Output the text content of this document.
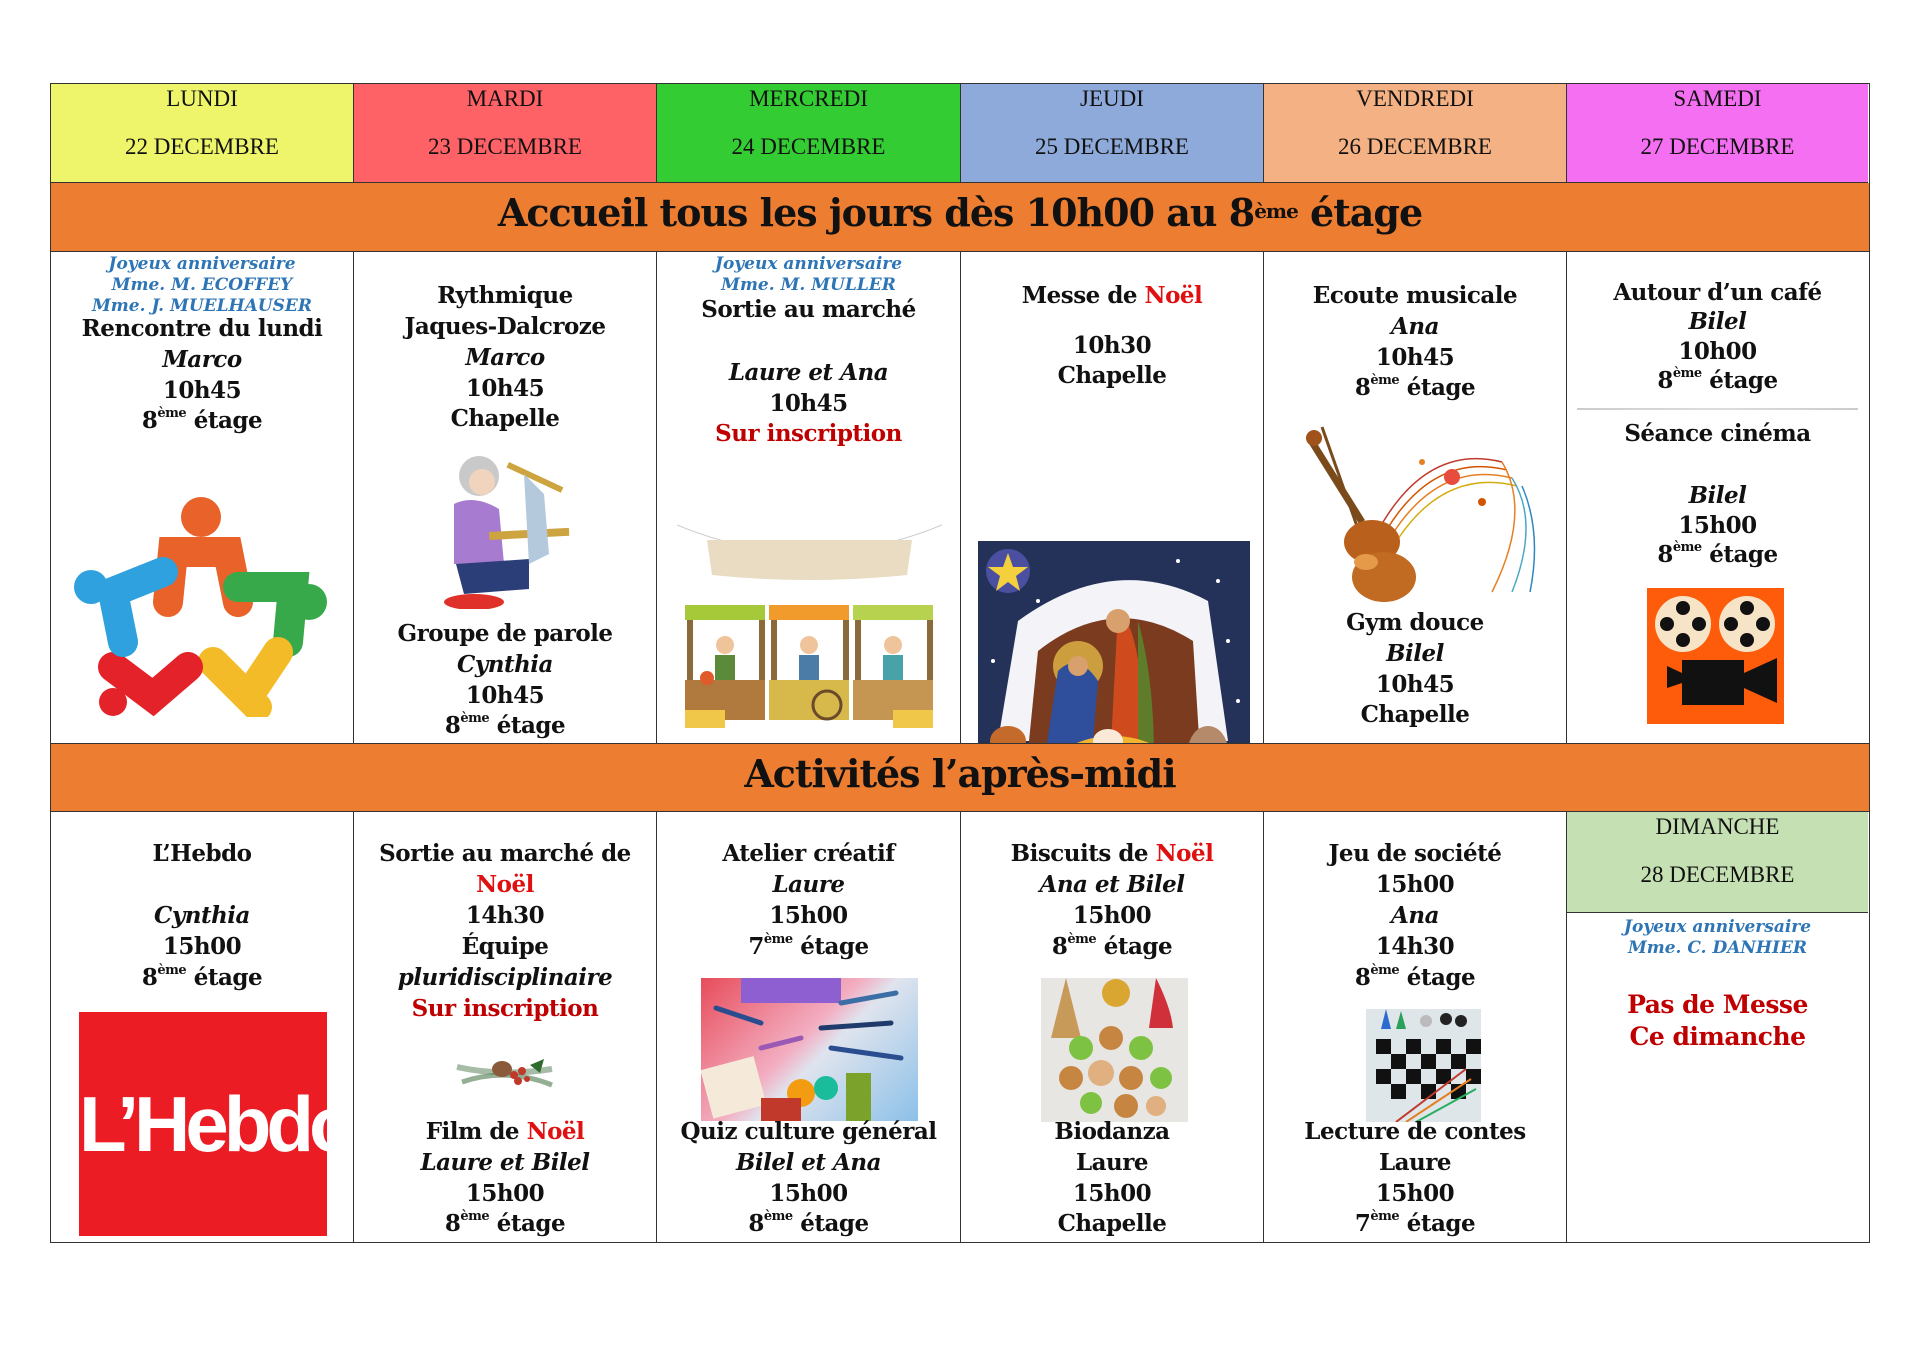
LUNDI
22 DECEMBRE
MARDI
23 DECEMBRE
MERCREDI
24 DECEMBRE
JEUDI
25 DECEMBRE
VENDREDI
26 DECEMBRE
SAMEDI
27 DECEMBRE
Accueil tous les jours dès 10h00 au 8ème étage
Joyeux anniversaire
Mme. M. ECOFFEY
Mme. J. MUELHAUSER
Rencontre du lundi
Marco
10h45
8ème étage
Rythmique
Jaques-Dalcroze
Marco
10h45
Chapelle
Groupe de parole
Cynthia
10h45
8ème étage
Joyeux anniversaire
Mme. M. MULLER
Sortie au marché
Laure et Ana
10h45
Sur inscription
Messe de Noël
10h30
Chapelle
Ecoute musicale
Ana
10h45
8ème étage
Gym douce
Bilel
10h45
Chapelle
Autour d’un café
Bilel
10h00
8ème étage
Séance cinéma
Bilel
15h00
8ème étage
Activités l’après-midi
L’Hebdo
Cynthia
15h00
8ème étage
L’Hebdo
Sortie au marché de
Noël
14h30
Équipe
pluridisciplinaire
Sur inscription
Film de Noël
Laure et Bilel
15h00
8ème étage
Atelier créatif
Laure
15h00
7ème étage
Quiz culture général
Bilel et Ana
15h00
8ème étage
Biscuits de Noël
Ana et Bilel
15h00
8ème étage
Biodanza
Laure
15h00
Chapelle
Jeu de société
15h00
Ana
14h30
8ème étage
Lecture de contes
Laure
15h00
7ème étage
DIMANCHE
28 DECEMBRE
Joyeux anniversaire
Mme. C. DANHIER
Pas de Messe
Ce dimanche
